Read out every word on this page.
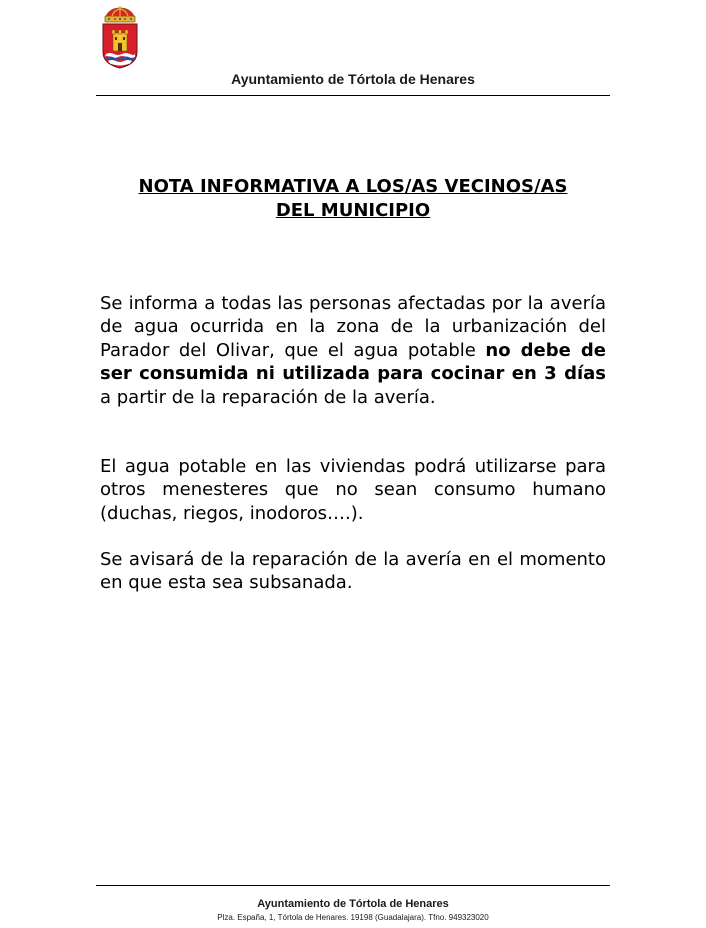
Ayuntamiento de Tórtola de Henares
NOTA INFORMATIVA A LOS/AS VECINOS/AS
DEL MUNICIPIO

Se informa a todas las personas afectadas por la avería de agua ocurrida en la zona de la urbanización del Parador del Olivar, que el agua potable no debe de ser consumida ni utilizada para cocinar en 3 días a partir de la reparación de la avería.

El agua potable en las viviendas podrá utilizarse para otros menesteres que no sean consumo humano (duchas, riegos, inodoros….).

Se avisará de la reparación de la avería en el momento en que esta sea subsanada.

Ayuntamiento de Tórtola de Henares
Plza. España, 1, Tórtola de Henares. 19198 (Guadalajara). Tfno. 949323020
